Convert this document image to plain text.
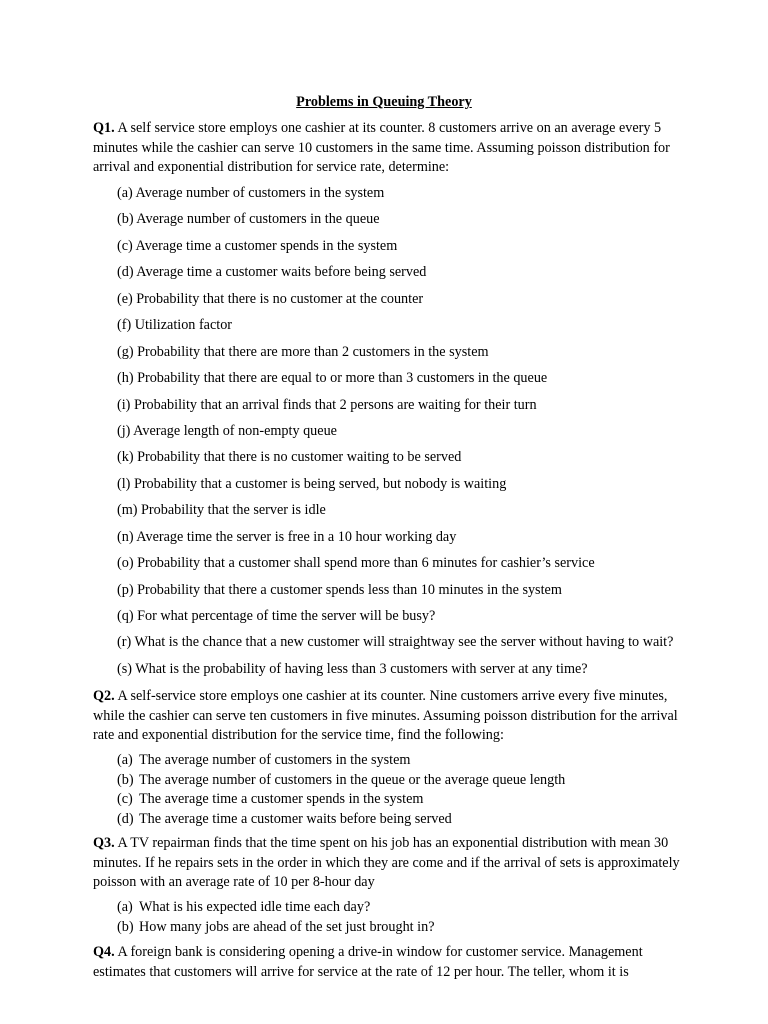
Problems in Queuing Theory
Q1. A self service store employs one cashier at its counter. 8 customers arrive on an average every 5 minutes while the cashier can serve 10 customers in the same time. Assuming poisson distribution for arrival and exponential distribution for service rate, determine:
(a) Average number of customers in the system
(b) Average number of customers in the queue
(c) Average time a customer spends in the system
(d) Average time a customer waits before being served
(e) Probability that there is no customer at the counter
(f) Utilization factor
(g) Probability that there are more than 2 customers in the system
(h) Probability that there are equal to or more than 3 customers in the queue
(i) Probability that an arrival finds that 2 persons are waiting for their turn
(j) Average length of non-empty queue
(k) Probability that there is no customer waiting to be served
(l) Probability that a customer is being served, but nobody is waiting
(m) Probability that the server is idle
(n) Average time the server is free in a 10 hour working day
(o) Probability that a customer shall spend more than 6 minutes for cashier’s service
(p) Probability that there a customer spends less than 10 minutes in the system
(q) For what percentage of time the server will be busy?
(r) What is the chance that a new customer will straightway see the server without having to wait?
(s) What is the probability of having less than 3 customers with server at any time?
Q2. A self-service store employs one cashier at its counter. Nine customers arrive every five minutes, while the cashier can serve ten customers in five minutes. Assuming poisson distribution for the arrival rate and exponential distribution for the service time, find the following:
(a) The average number of customers in the system
(b) The average number of customers in the queue or the average queue length
(c) The average time a customer spends in the system
(d) The average time a customer waits before being served
Q3. A TV repairman finds that the time spent on his job has an exponential distribution with mean 30 minutes. If he repairs sets in the order in which they are come and if the arrival of sets is approximately poisson with an average rate of 10 per 8-hour day
(a) What is his expected idle time each day?
(b) How many jobs are ahead of the set just brought in?
Q4. A foreign bank is considering opening a drive-in window for customer service. Management estimates that customers will arrive for service at the rate of 12 per hour. The teller, whom it is
